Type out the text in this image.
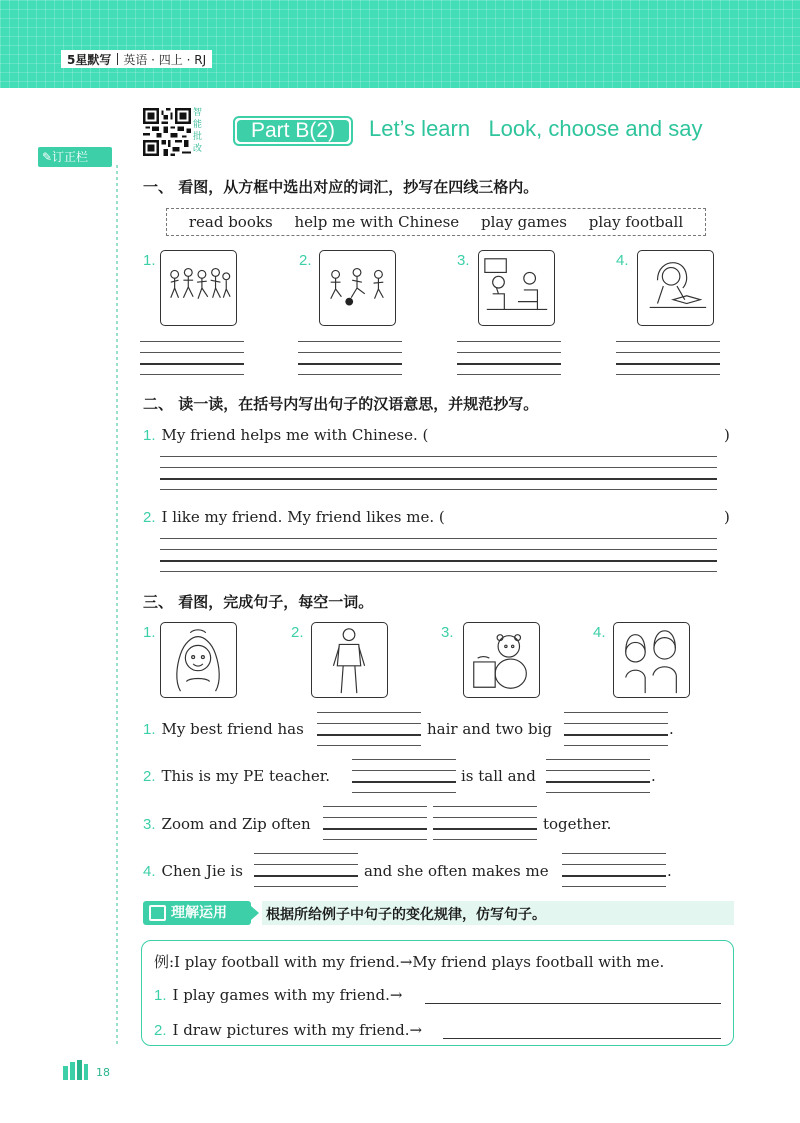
5星默写 英语 · 四上 · RJ
智能批改
Part B(2)	Let’s learn   Look, choose and say
✎订正栏
一、 看图，从方框中选出对应的词汇，抄写在四线三格内。
read books help me with Chinese play games play football
1.	2.	3.	4.
二、 读一读，在括号内写出句子的汉语意思，并规范抄写。
1. My friend helps me with Chinese. (	)
2. I like my friend. My friend likes me. (	)
三、 看图，完成句子，每空一词。
1.	2.	3.	4.
1. My best friend has	hair and two big	.
2. This is my PE teacher.	is tall and	.
3. Zoom and Zip often	together.
4. Chen Jie is	and she often makes me	.
理解运用	根据所给例子中句子的变化规律，仿写句子。
例:I play football with my friend.→My friend plays football with me.
1. I play games with my friend.→
2. I draw pictures with my friend.→
18
